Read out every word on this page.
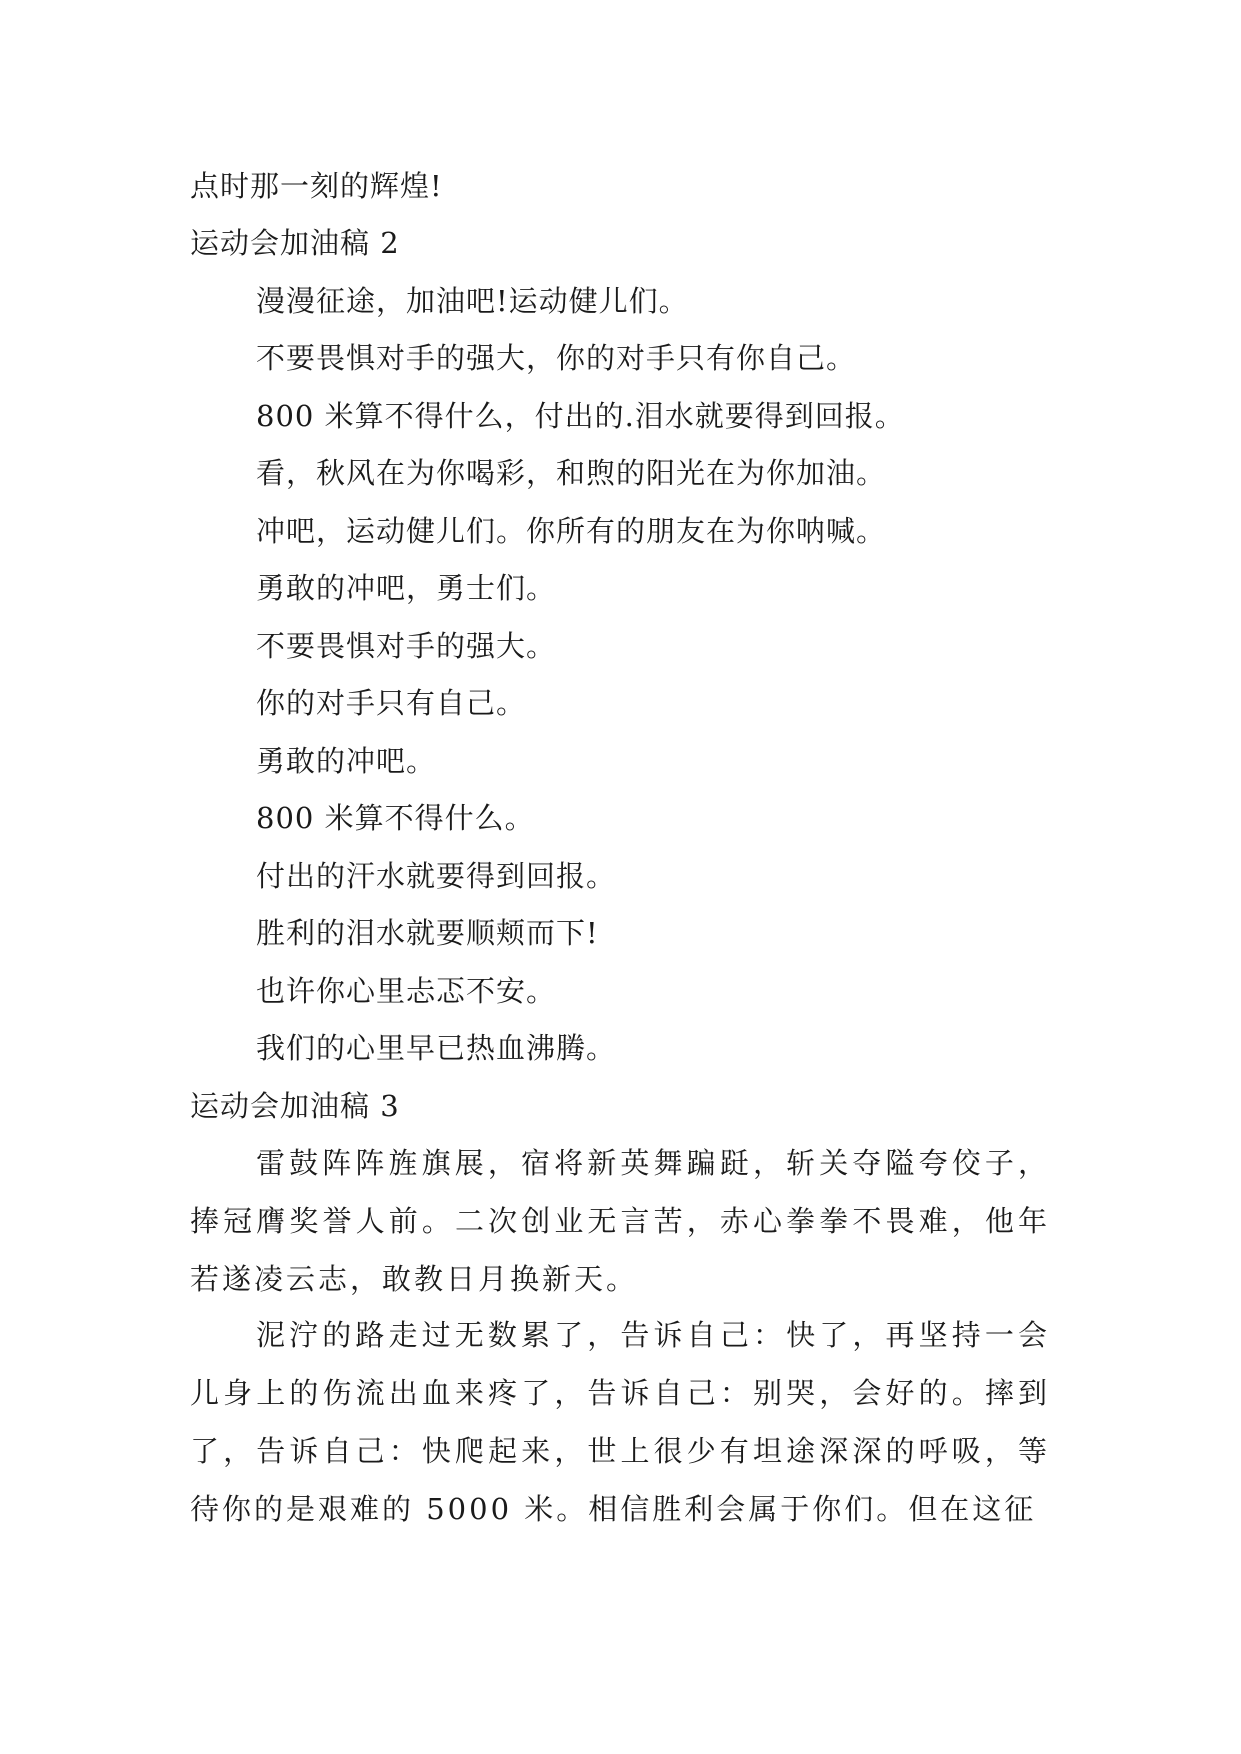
点时那一刻的辉煌!
运动会加油稿 2
漫漫征途，加油吧!运动健儿们。
不要畏惧对手的强大，你的对手只有你自己。
800 米算不得什么，付出的.泪水就要得到回报。
看，秋风在为你喝彩，和煦的阳光在为你加油。
冲吧，运动健儿们。你所有的朋友在为你呐喊。
勇敢的冲吧，勇士们。
不要畏惧对手的强大。
你的对手只有自己。
勇敢的冲吧。
800 米算不得什么。
付出的汗水就要得到回报。
胜利的泪水就要顺颊而下!
也许你心里忐忑不安。
我们的心里早已热血沸腾。
运动会加油稿 3
雷鼓阵阵旌旗展，宿将新英舞蹁跹，斩关夺隘夸佼子，捧冠膺奖誉人前。二次创业无言苦，赤心拳拳不畏难，他年若遂凌云志，敢教日月换新天。
泥泞的路走过无数累了，告诉自己：快了，再坚持一会儿身上的伤流出血来疼了，告诉自己：别哭，会好的。摔到了，告诉自己：快爬起来，世上很少有坦途深深的呼吸，等待你的是艰难的 5000 米。相信胜利会属于你们。但在这征
